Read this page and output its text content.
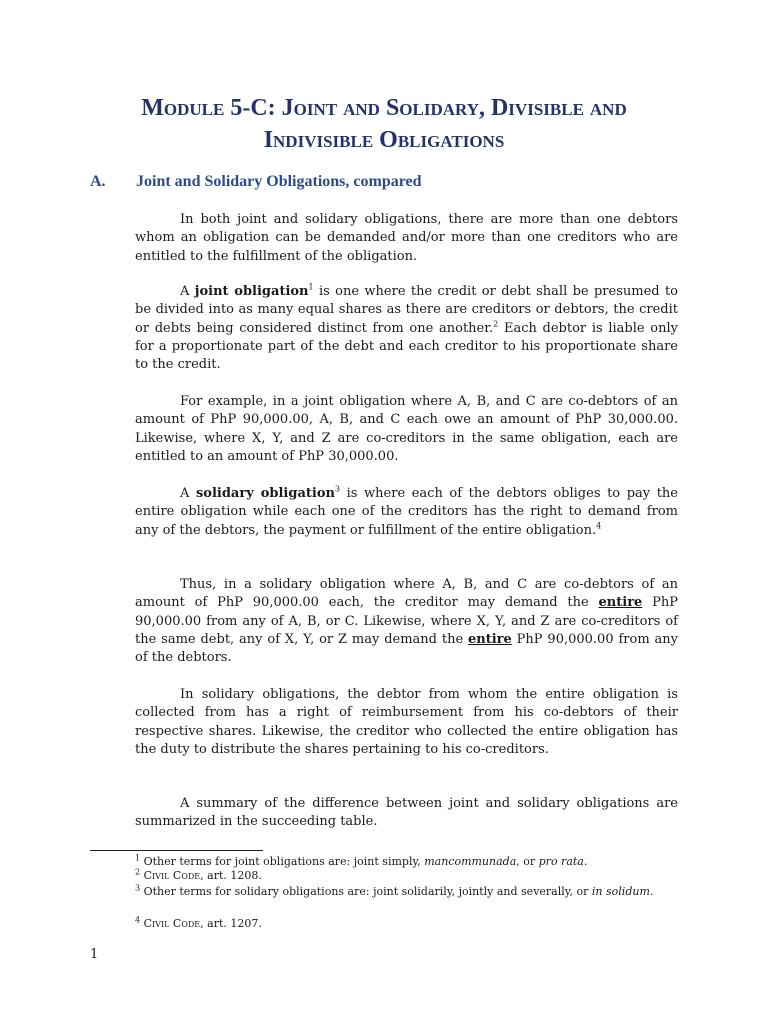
Module 5-C: Joint and Solidary, Divisible and
Indivisible Obligations
A. Joint and Solidary Obligations, compared

In both joint and solidary obligations, there are more than one debtors whom an obligation can be demanded and/or more than one creditors who are entitled to the fulfillment of the obligation.

A joint obligation$^1$ is one where the credit or debt shall be presumed to be divided into as many equal shares as there are creditors or debtors, the credit or debts being considered distinct from one another.$^2$ Each debtor is liable only for a proportionate part of the debt and each creditor to his proportionate share to the credit.

For example, in a joint obligation where A, B, and C are co-debtors of an amount of PhP 90,000.00, A, B, and C each owe an amount of PhP 30,000.00. Likewise, where X, Y, and Z are co-creditors in the same obligation, each are entitled to an amount of PhP 30,000.00.

A solidary obligation$^3$ is where each of the debtors obliges to pay the entire obligation while each one of the creditors has the right to demand from any of the debtors, the payment or fulfillment of the entire obligation.$^4$

Thus, in a solidary obligation where A, B, and C are co-debtors of an amount of PhP 90,000.00 each, the creditor may demand the entire PhP 90,000.00 from any of A, B, or C. Likewise, where X, Y, and Z are co-creditors of the same debt, any of X, Y, or Z may demand the entire PhP 90,000.00 from any of the debtors.

In solidary obligations, the debtor from whom the entire obligation is collected from has a right of reimbursement from his co-debtors of their respective shares. Likewise, the creditor who collected the entire obligation has the duty to distribute the shares pertaining to his co-creditors.

A summary of the difference between joint and solidary obligations are summarized in the succeeding table.

$^1$ Other terms for joint obligations are: joint simply, mancommunada, or pro rata.
$^2$ Civil Code, art. 1208.
$^3$ Other terms for solidary obligations are: joint solidarily, jointly and severally, or in solidum.
$^4$ Civil Code, art. 1207.
1
